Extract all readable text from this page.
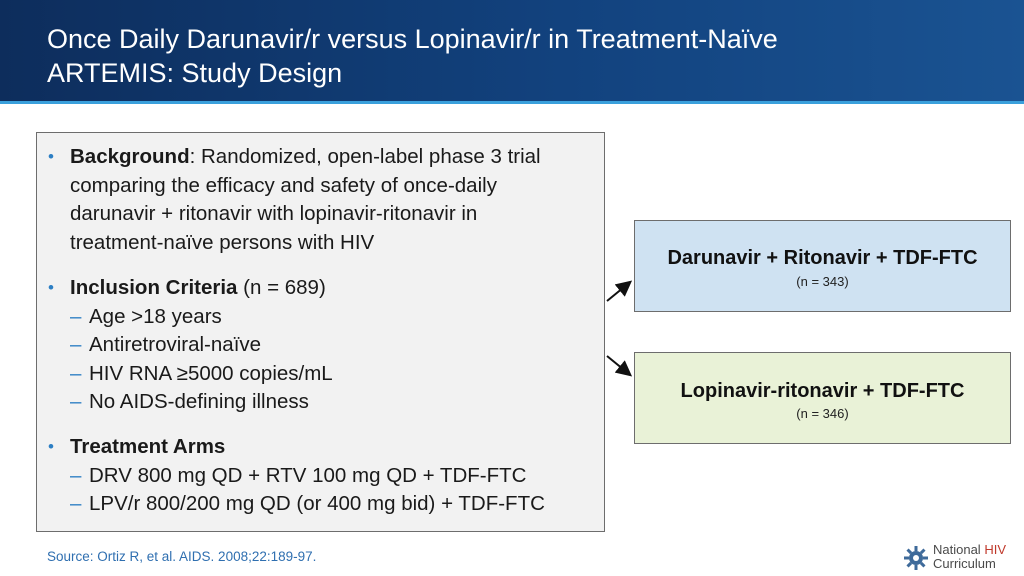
Once Daily Darunavir/r versus Lopinavir/r in Treatment-Naïve
ARTEMIS: Study Design
• Background: Randomized, open-label phase 3 trial
comparing the efficacy and safety of once-daily
darunavir + ritonavir with lopinavir-ritonavir in
treatment-naïve persons with HIV
• Inclusion Criteria (n = 689)
– Age >18 years
– Antiretroviral-naïve
– HIV RNA ≥5000 copies/mL
– No AIDS-defining illness
• Treatment Arms
– DRV 800 mg QD + RTV 100 mg QD + TDF-FTC
– LPV/r 800/200 mg QD (or 400 mg bid) + TDF-FTC
Darunavir + Ritonavir + TDF-FTC
(n = 343)
Lopinavir-ritonavir + TDF-FTC
(n = 346)
Source: Ortiz R, et al. AIDS. 2008;22:189-97.	National HIV
Curriculum
